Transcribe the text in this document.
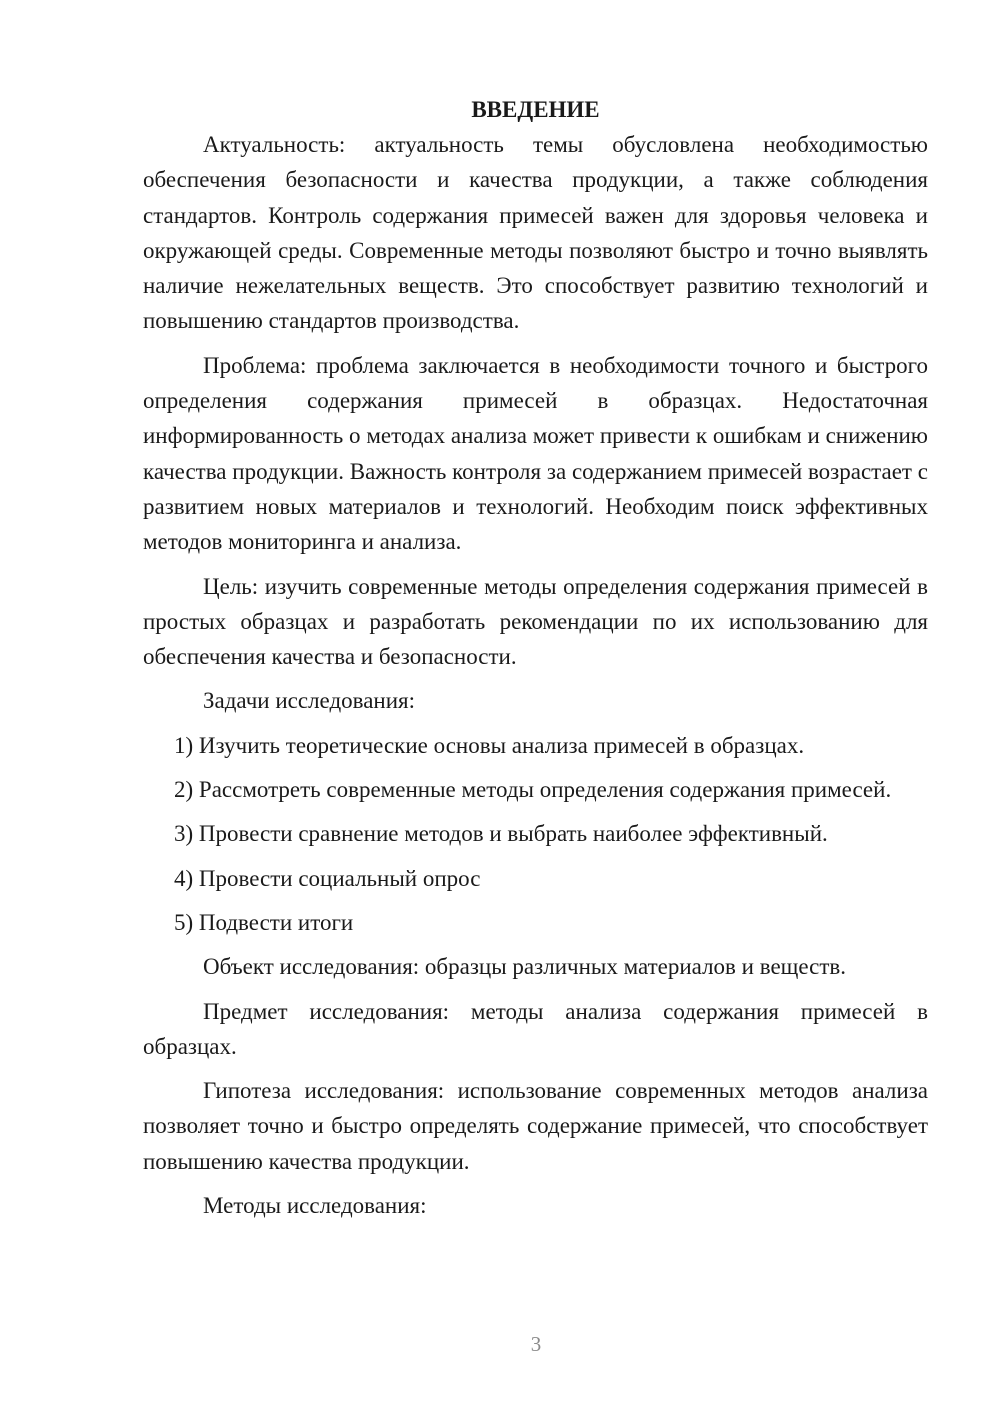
ВВЕДЕНИЕ

Актуальность: актуальность темы обусловлена необходимостью обеспечения безопасности и качества продукции, а также соблюдения стандартов. Контроль содержания примесей важен для здоровья человека и окружающей среды. Современные методы позволяют быстро и точно выявлять наличие нежелательных веществ. Это способствует развитию технологий и повышению стандартов производства.

Проблема: проблема заключается в необходимости точного и быстрого определения содержания примесей в образцах. Недостаточная информированность о методах анализа может привести к ошибкам и снижению качества продукции. Важность контроля за содержанием примесей возрастает с развитием новых материалов и технологий. Необходим поиск эффективных методов мониторинга и анализа.

Цель: изучить современные методы определения содержания примесей в простых образцах и разработать рекомендации по их использованию для обеспечения качества и безопасности.

Задачи исследования:

1) Изучить теоретические основы анализа примесей в образцах.

2) Рассмотреть современные методы определения содержания примесей.

3) Провести сравнение методов и выбрать наиболее эффективный.

4) Провести социальный опрос

5) Подвести итоги

Объект исследования: образцы различных материалов и веществ.

Предмет исследования: методы анализа содержания примесей в образцах.

Гипотеза исследования: использование современных методов анализа позволяет точно и быстро определять содержание примесей, что способствует повышению качества продукции.

Методы исследования:

3
